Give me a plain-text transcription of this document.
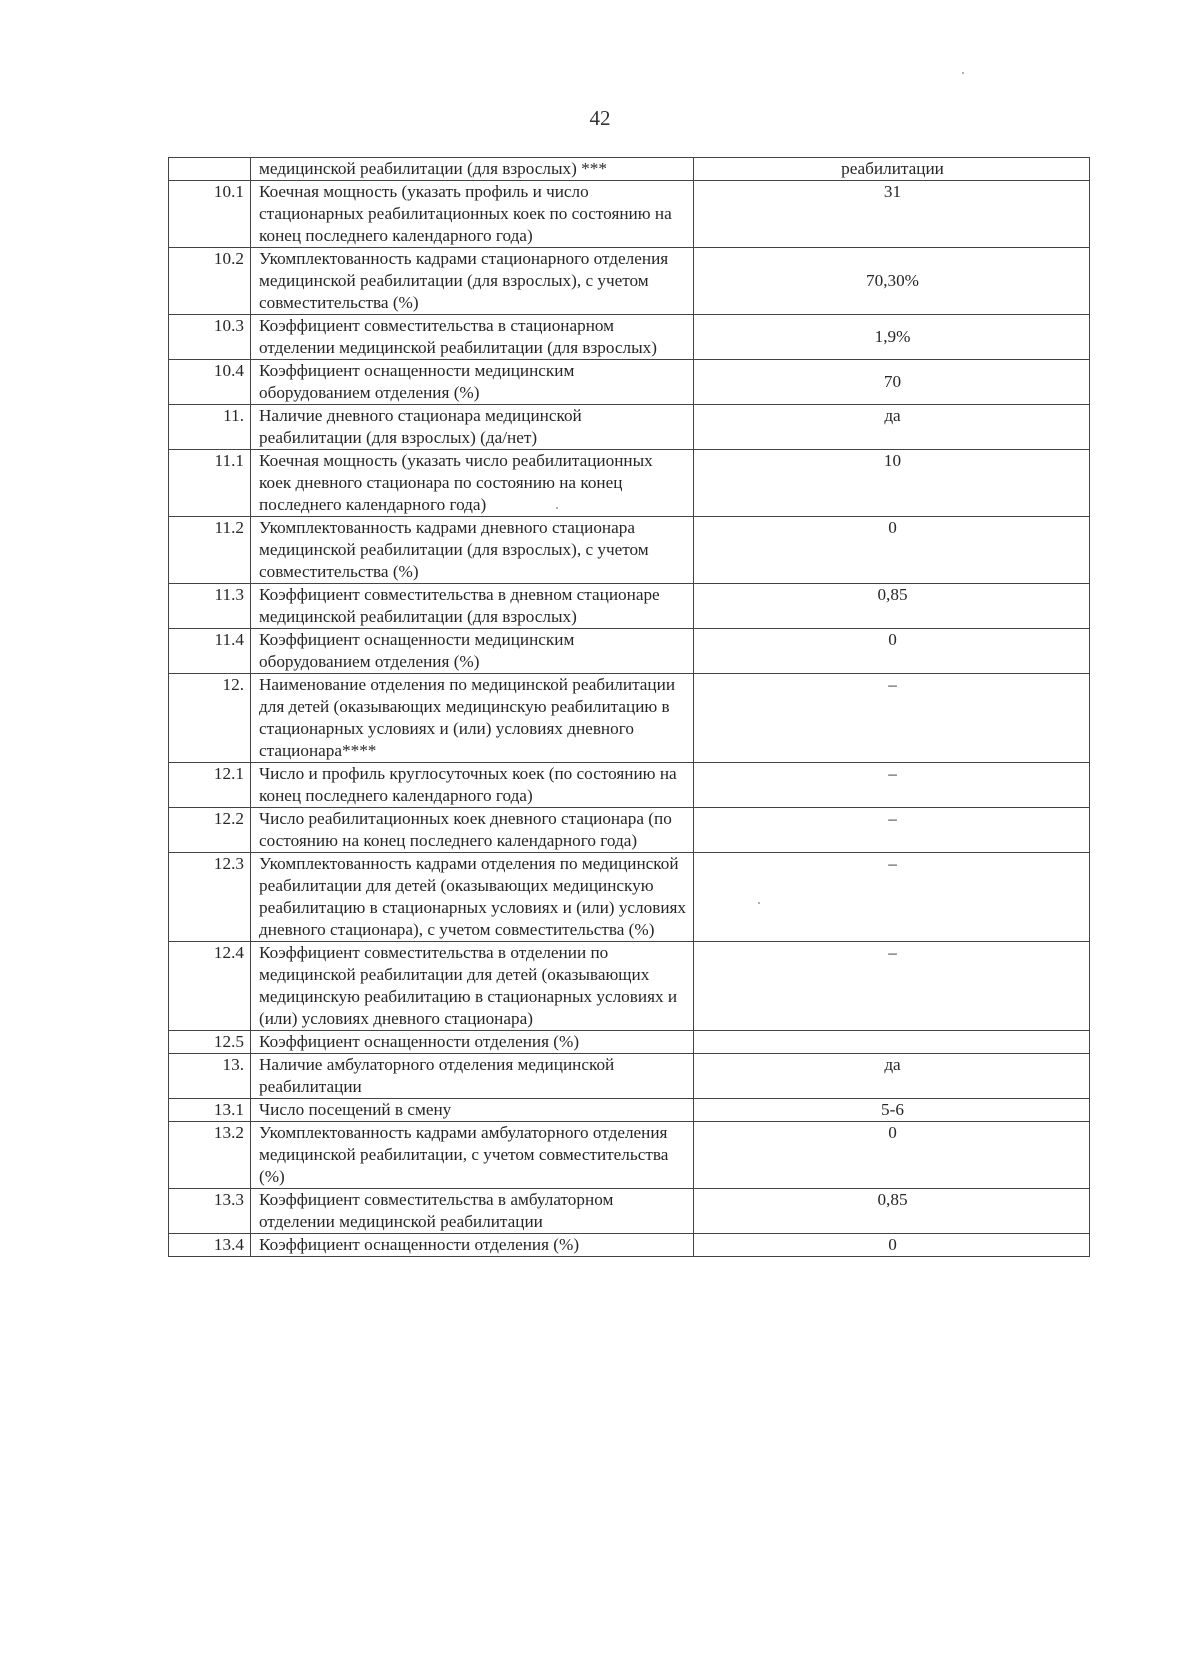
42
	медицинской реабилитации (для взрослых) ***	реабилитации
10.1	Коечная мощность (указать профиль и число стационарных реабилитационных коек по состоянию на конец последнего календарного года)	31
10.2	Укомплектованность кадрами стационарного отделения медицинской реабилитации (для взрослых), с учетом совместительства (%)	70,30%
10.3	Коэффициент совместительства в стационарном отделении медицинской реабилитации (для взрослых)	1,9%
10.4	Коэффициент оснащенности медицинским оборудованием отделения (%)	70
11.	Наличие дневного стационара медицинской реабилитации (для взрослых) (да/нет)	да
11.1	Коечная мощность (указать число реабилитационных коек дневного стационара по состоянию на конец последнего календарного года)	10
11.2	Укомплектованность кадрами дневного стационара медицинской реабилитации (для взрослых), с учетом совместительства (%)	0
11.3	Коэффициент совместительства в дневном стационаре медицинской реабилитации (для взрослых)	0,85
11.4	Коэффициент оснащенности медицинским оборудованием отделения (%)	0
12.	Наименование отделения по медицинской реабилитации для детей (оказывающих медицинскую реабилитацию в стационарных условиях и (или) условиях дневного стационара****	–
12.1	Число и профиль круглосуточных коек (по состоянию на конец последнего календарного года)	–
12.2	Число реабилитационных коек дневного стационара (по состоянию на конец последнего календарного года)	–
12.3	Укомплектованность кадрами отделения по медицинской реабилитации для детей (оказывающих медицинскую реабилитацию в стационарных условиях и (или) условиях дневного стационара), с учетом совместительства (%)	–
12.4	Коэффициент совместительства в отделении по медицинской реабилитации для детей (оказывающих медицинскую реабилитацию в стационарных условиях и (или) условиях дневного стационара)	–
12.5	Коэффициент оснащенности отделения (%)	
13.	Наличие амбулаторного отделения медицинской реабилитации	да
13.1	Число посещений в смену	5-6
13.2	Укомплектованность кадрами амбулаторного отделения медицинской реабилитации, с учетом совместительства (%)	0
13.3	Коэффициент совместительства в амбулаторном отделении медицинской реабилитации	0,85
13.4	Коэффициент оснащенности отделения (%)	0
